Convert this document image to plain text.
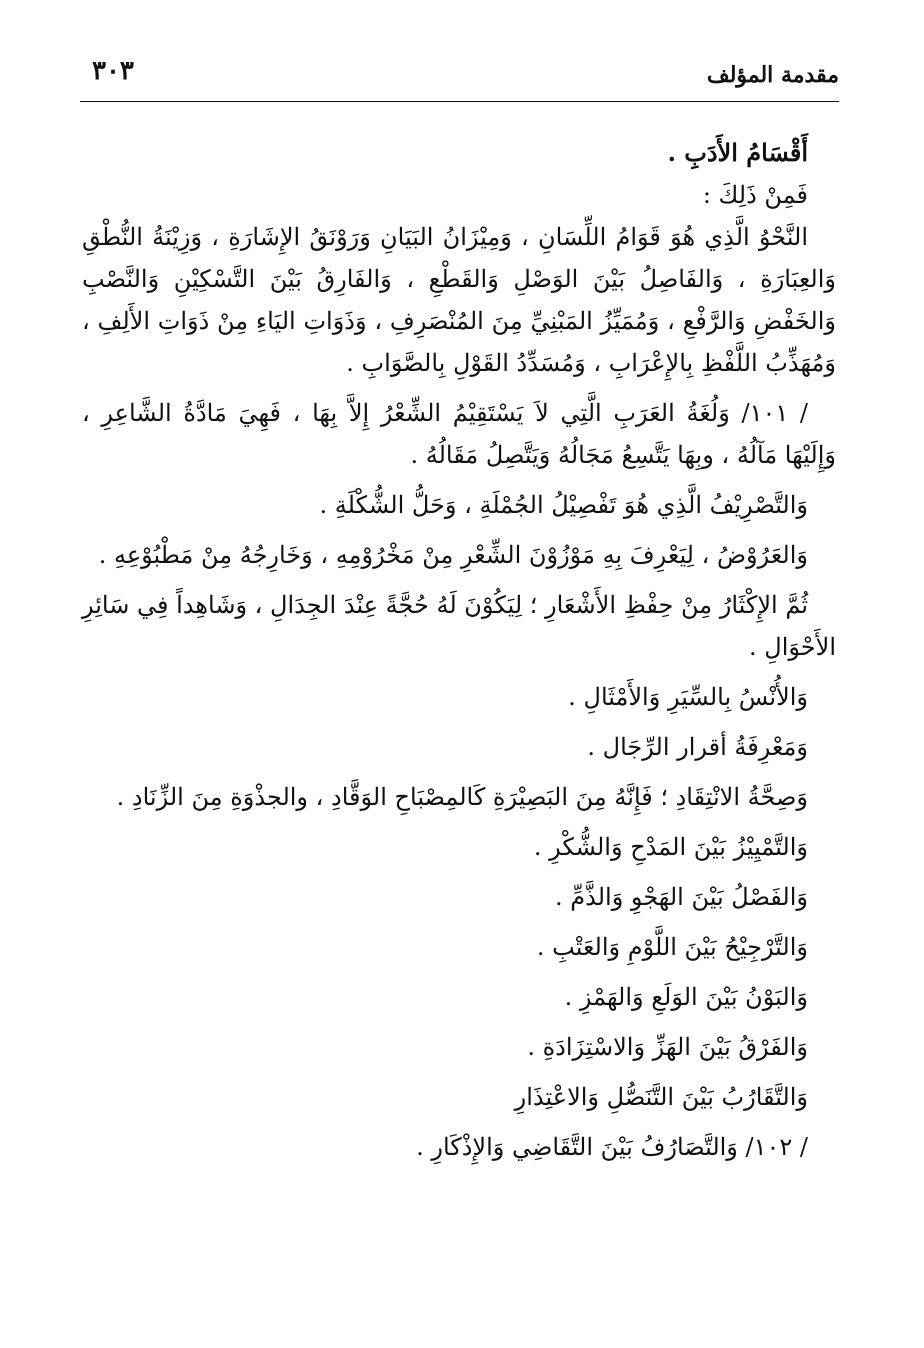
مقدمة المؤلف
٣٠٣

أَقْسَامُ الأَدَبِ .

فَمِنْ ذَلِكَ :

النَّحْوُ الَّذِي هُوَ قَوَامُ اللِّسَانِ ، وَمِيْزَانُ البَيَانِ وَرَوْنَقُ الإِشَارَةِ ، وَزِيْنَةُ النُّطْقِ وَالعِبَارَةِ ، وَالفَاصِلُ بَيْنَ الوَصْلِ وَالقَطْعِ ، وَالفَارِقُ بَيْنَ التَّسْكِيْنِ وَالنَّصْبِ وَالخَفْضِ وَالرَّفْعِ ، وَمُمَيِّزُ المَبْنِيِّ مِنَ المُنْصَرِفِ ، وَذَوَاتِ اليَاءِ مِنْ ذَوَاتِ الأَلِفِ ، وَمُهَذِّبُ اللَّفْظِ بِالإِعْرَابِ ، وَمُسَدِّدُ القَوْلِ بِالصَّوَابِ .

/ ١٠١/ وَلُغَةُ العَرَبِ الَّتِي لاَ يَسْتَقِيْمُ الشِّعْرُ إِلاَّ بِهَا ، فَهِيَ مَادَّةُ الشَّاعِرِ ، وَإِلَيْهَا مَآلُهُ ، وبِهَا يَتَّسِعُ مَجَالُهُ وَيَتَّصِلُ مَقَالُهُ .

وَالتَّصْرِيْفُ الَّذِي هُوَ تَفْصِيْلُ الجُمْلَةِ ، وَحَلُّ الشُّكْلَةِ .

وَالعَرُوْضُ ، لِيَعْرِفَ بِهِ مَوْزُوْنَ الشِّعْرِ مِنْ مَخْرُوْمِهِ ، وَخَارِجُهُ مِنْ مَطْبُوْعِهِ .

ثُمَّ الإِكْثَارُ مِنْ حِفْظِ الأَشْعَارِ ؛ لِيَكُوْنَ لَهُ حُجَّةً عِنْدَ الجِدَالِ ، وَشَاهِداً فِي سَائِرِ الأَحْوَالِ .

وَالأُنْسُ بِالسِّيَرِ وَالأَمْثَالِ .

وَمَعْرِفَةُ أقرار الرِّجَال .

وَصِحَّةُ الانْتِقَادِ ؛ فَإِنَّهُ مِنَ البَصِيْرَةِ كَالمِصْبَاحِ الوَقَّادِ ، والجذْوَةِ مِنَ الزِّنَادِ .

وَالتَّمْيِيْزُ بَيْنَ المَدْحِ وَالشُّكْرِ .

وَالفَصْلُ بَيْنَ الهَجْوِ وَالذَّمِّ .

وَالتَّرْجِيْحُ بَيْنَ اللَّوْمِ وَالعَتْبِ .

وَالبَوْنُ بَيْنَ الوَلَعِ وَالهَمْزِ .

وَالفَرْقُ بَيْنَ الهَزِّ وَالاسْتِزَادَةِ .

وَالتَّقَارُبُ بَيْنَ التَّنَصُّلِ وَالاعْتِذَارِ

/ ١٠٢/ وَالتَّصَارُفُ بَيْنَ التَّقَاضِي وَالإِذْكَارِ .
